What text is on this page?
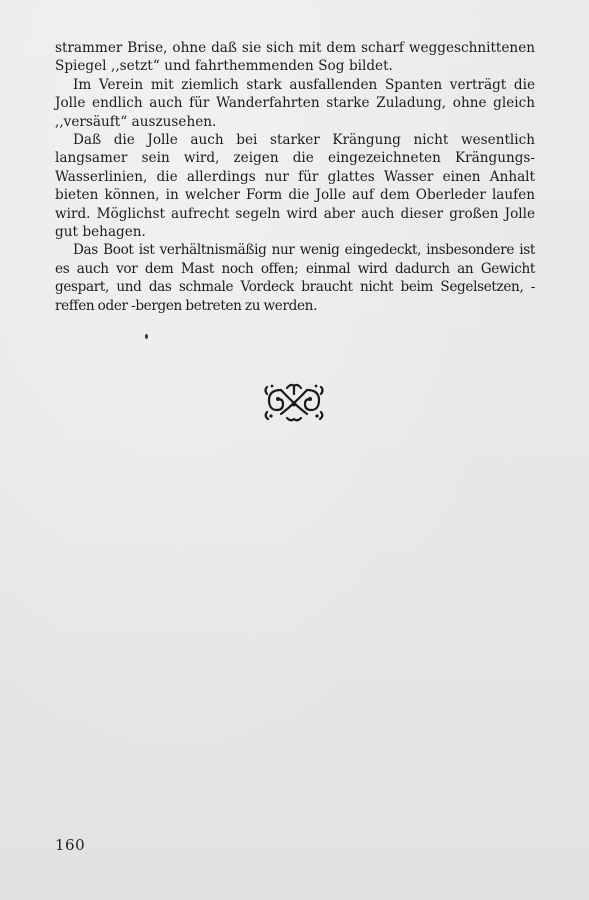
strammer Brise, ohne daß sie sich mit dem scharf weggeschnittenen Spiegel ,,setzt“ und fahrthemmenden Sog bildet.

Im Verein mit ziemlich stark ausfallenden Spanten verträgt die Jolle endlich auch für Wanderfahrten starke Zuladung, ohne gleich ,,versäuft“ auszusehen.

Daß die Jolle auch bei starker Krängung nicht wesentlich langsamer sein wird, zeigen die eingezeichneten Krängungs-Wasserlinien, die allerdings nur für glattes Wasser einen Anhalt bieten können, in welcher Form die Jolle auf dem Oberleder laufen wird. Möglichst aufrecht segeln wird aber auch dieser großen Jolle gut behagen.

Das Boot ist verhältnismäßig nur wenig eingedeckt, insbesondere ist es auch vor dem Mast noch offen; einmal wird dadurch an Gewicht gespart, und das schmale Vordeck braucht nicht beim Segelsetzen, -reffen oder -bergen betreten zu werden.

160
